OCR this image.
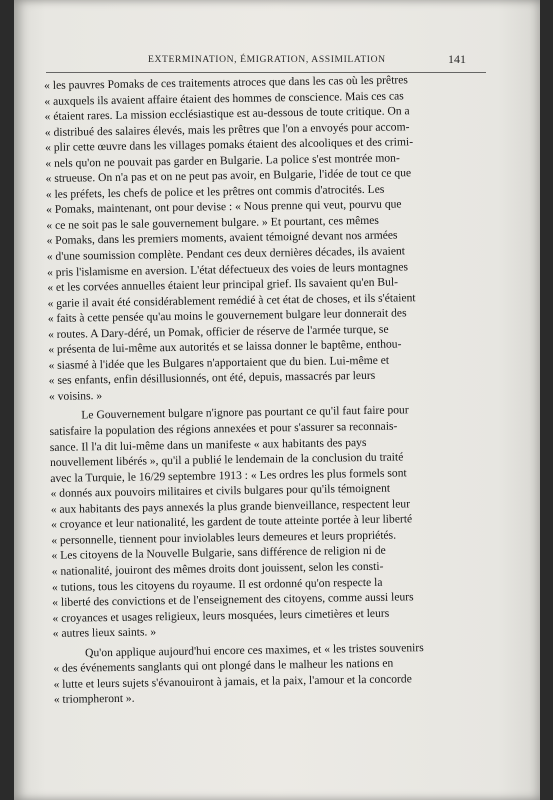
EXTERMINATION, ÉMIGRATION, ASSIMILATION	141
« les pauvres Pomaks de ces traitements atroces que dans les cas où les prêtres
« auxquels ils avaient affaire étaient des hommes de conscience. Mais ces cas
« étaient rares. La mission ecclésiastique est au-dessous de toute critique. On a
« distribué des salaires élevés, mais les prêtres que l'on a envoyés pour accom-
« plir cette œuvre dans les villages pomaks étaient des alcooliques et des crimi-
« nels qu'on ne pouvait pas garder en Bulgarie. La police s'est montrée mon-
« strueuse. On n'a pas et on ne peut pas avoir, en Bulgarie, l'idée de tout ce que
« les préfets, les chefs de police et les prêtres ont commis d'atrocités. Les
« Pomaks, maintenant, ont pour devise : « Nous prenne qui veut, pourvu que
« ce ne soit pas le sale gouvernement bulgare. » Et pourtant, ces mêmes
« Pomaks, dans les premiers moments, avaient témoigné devant nos armées
« d'une soumission complète. Pendant ces deux dernières décades, ils avaient
« pris l'islamisme en aversion. L'état défectueux des voies de leurs montagnes
« et les corvées annuelles étaient leur principal grief. Ils savaient qu'en Bul-
« garie il avait été considérablement remédié à cet état de choses, et ils s'étaient
« faits à cette pensée qu'au moins le gouvernement bulgare leur donnerait des
« routes. A Dary-déré, un Pomak, officier de réserve de l'armée turque, se
« présenta de lui-même aux autorités et se laissa donner le baptême, enthou-
« siasmé à l'idée que les Bulgares n'apportaient que du bien. Lui-même et
« ses enfants, enfin désillusionnés, ont été, depuis, massacrés par leurs
« voisins. »
Le Gouvernement bulgare n'ignore pas pourtant ce qu'il faut faire pour
satisfaire la population des régions annexées et pour s'assurer sa reconnais-
sance. Il l'a dit lui-même dans un manifeste « aux habitants des pays
nouvellement libérés », qu'il a publié le lendemain de la conclusion du traité
avec la Turquie, le 16/29 septembre 1913 : « Les ordres les plus formels sont
« donnés aux pouvoirs militaires et civils bulgares pour qu'ils témoignent
« aux habitants des pays annexés la plus grande bienveillance, respectent leur
« croyance et leur nationalité, les gardent de toute atteinte portée à leur liberté
« personnelle, tiennent pour inviolables leurs demeures et leurs propriétés.
« Les citoyens de la Nouvelle Bulgarie, sans différence de religion ni de
« nationalité, jouiront des mêmes droits dont jouissent, selon les consti-
« tutions, tous les citoyens du royaume. Il est ordonné qu'on respecte la
« liberté des convictions et de l'enseignement des citoyens, comme aussi leurs
« croyances et usages religieux, leurs mosquées, leurs cimetières et leurs
« autres lieux saints. »
Qu'on applique aujourd'hui encore ces maximes, et « les tristes souvenirs
« des événements sanglants qui ont plongé dans le malheur les nations en
« lutte et leurs sujets s'évanouiront à jamais, et la paix, l'amour et la concorde
« triompheront ».
